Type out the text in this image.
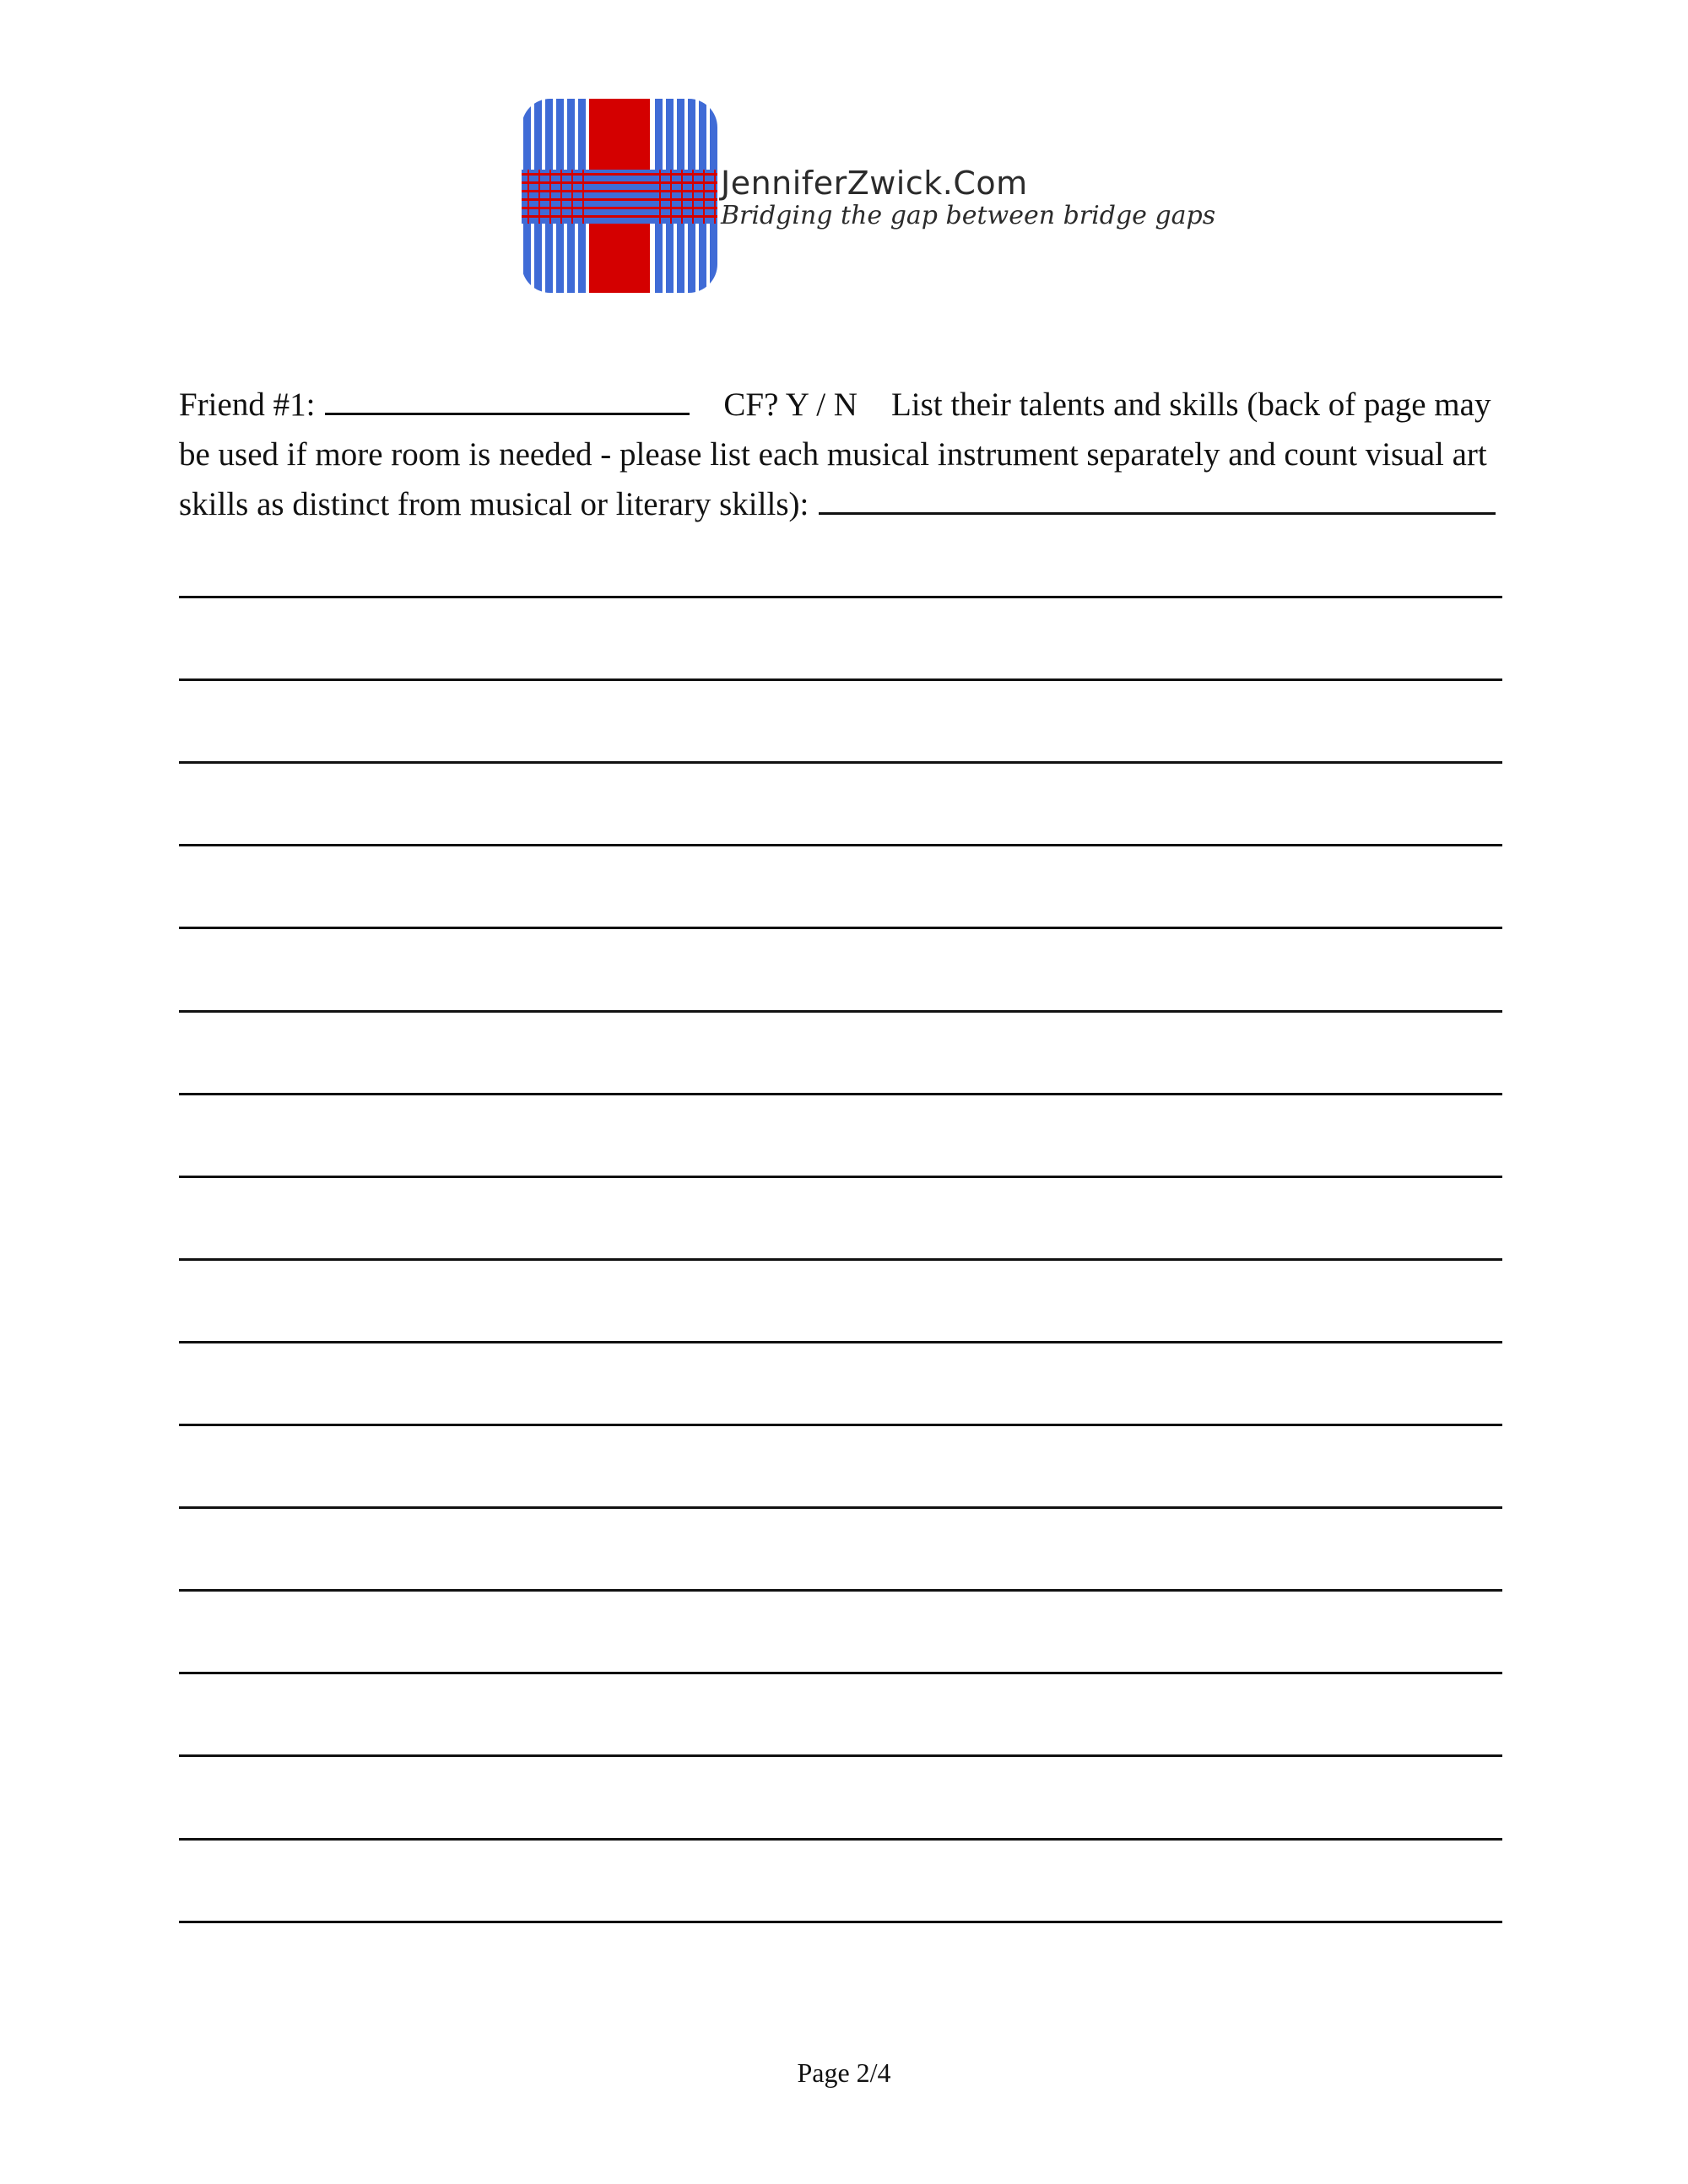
JenniferZwick.Com
Bridging the gap between bridge gaps
Friend #1:	CF? Y / N List their talents and skills (back of page may
be used if more room is needed - please list each musical instrument separately and count visual art
skills as distinct from musical or literary skills):
Page 2/4
